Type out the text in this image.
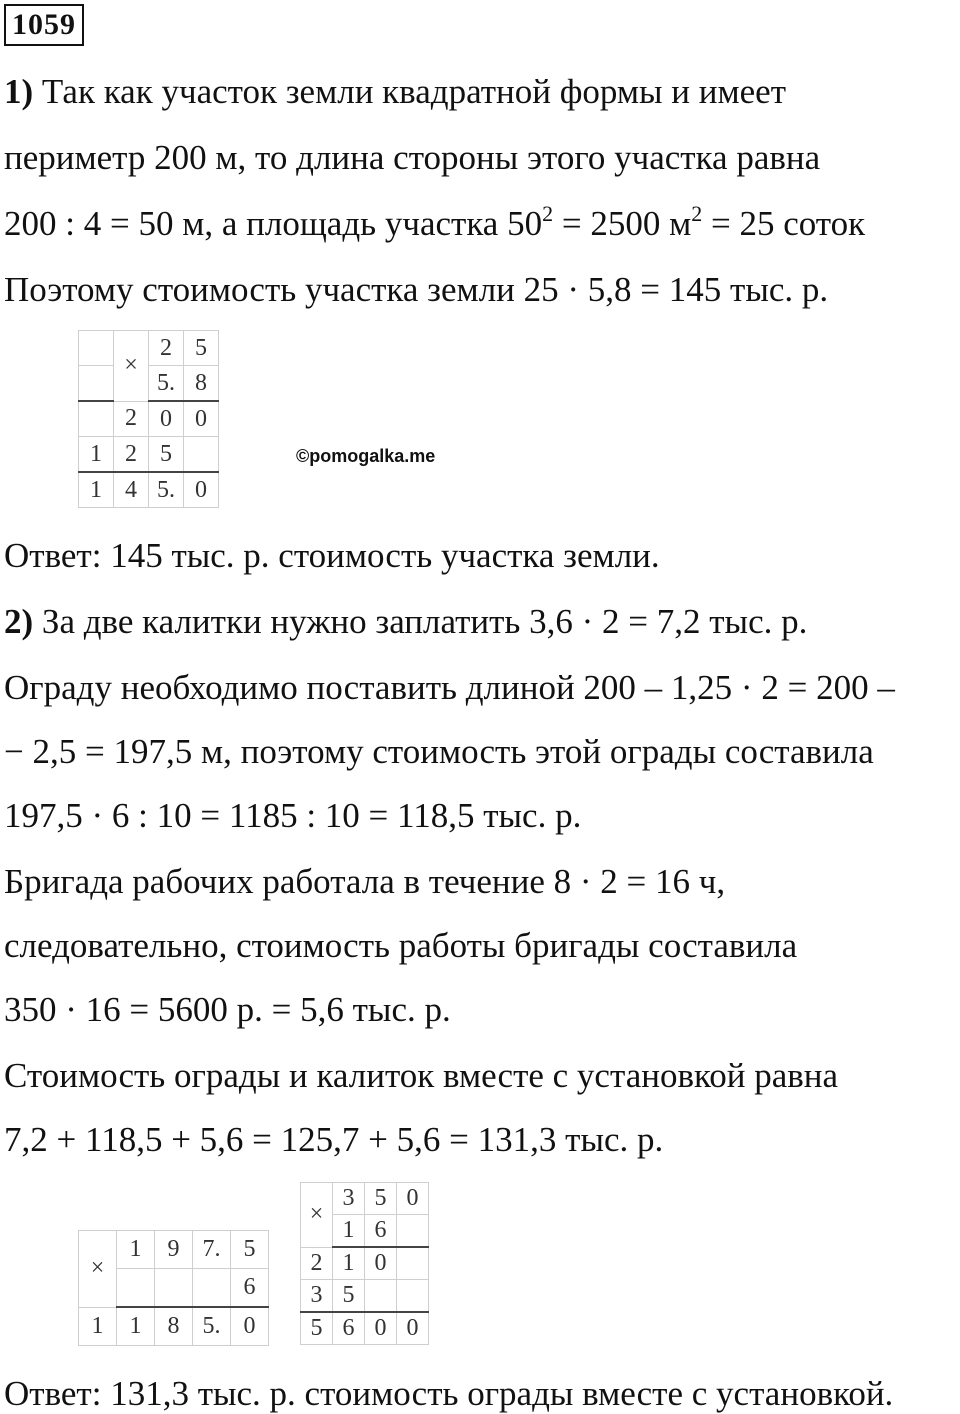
1059
1) Так как участок земли квадратной формы и имеет
периметр 200 м, то длина стороны этого участка равна
200 : 4 = 50 м, а площадь участка $50^2 = 2500$ $м^2 = 25$ соток
Поэтому стоимость участка земли 25 · 5,8 = 145 тыс. р.
	×	2	5
		5.	8
	2	0	0
1	2	5	
1	4	5.	0
©pomogalka.me
Ответ: 145 тыс. р. стоимость участка земли.
2) За две калитки нужно заплатить 3,6 · 2 = 7,2 тыс. р.
Ограду необходимо поставить длиной 200 – 1,25 · 2 = 200 –
− 2,5 = 197,5 м, поэтому стоимость этой ограды составила
197,5 · 6 : 10 = 1185 : 10 = 118,5 тыс. р.
Бригада рабочих работала в течение 8 · 2 = 16 ч,
следовательно, стоимость работы бригады составила
350 · 16 = 5600 р. = 5,6 тыс. р.
Стоимость ограды и калиток вместе с установкой равна
7,2 + 118,5 + 5,6 = 125,7 + 5,6 = 131,3 тыс. р.
×	1	9	7.	5
				6
1	1	8	5.	0
×	3	5	0
	1	6	
2	1	0	
3	5		
5	6	0	0
Ответ: 131,3 тыс. р. стоимость ограды вместе с установкой.
